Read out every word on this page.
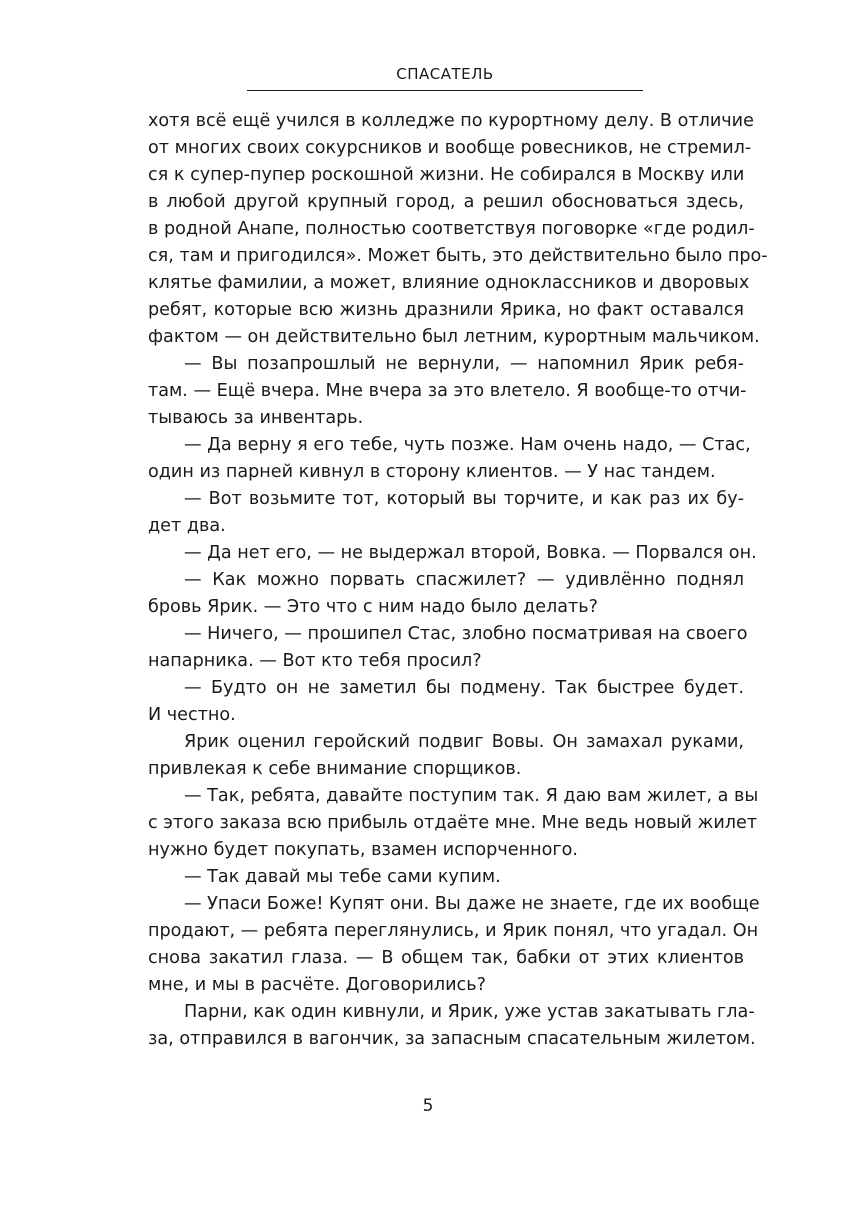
СПАСАТЕЛЬ
хотя всё ещё учился в колледже по курортному делу. В отличие
от многих своих сокурсников и вообще ровесников, не стремил-
ся к супер-пупер роскошной жизни. Не собирался в Москву или
в любой другой крупный город, а решил обосноваться здесь,
в родной Анапе, полностью соответствуя поговорке «где родил-
ся, там и пригодился». Может быть, это действительно было про-
клятье фамилии, а может, влияние одноклассников и дворовых
ребят, которые всю жизнь дразнили Ярика, но факт оставался
фактом — он действительно был летним, курортным мальчиком.
— Вы позапрошлый не вернули, — напомнил Ярик ребя-
там. — Ещё вчера. Мне вчера за это влетело. Я вообще-то отчи-
тываюсь за инвентарь.
— Да верну я его тебе, чуть позже. Нам очень надо, — Стас,
один из парней кивнул в сторону клиентов. — У нас тандем.
— Вот возьмите тот, который вы торчите, и как раз их бу-
дет два.
— Да нет его, — не выдержал второй, Вовка. — Порвался он.
— Как можно порвать спасжилет? — удивлённо поднял
бровь Ярик. — Это что с ним надо было делать?
— Ничего, — прошипел Стас, злобно посматривая на своего
напарника. — Вот кто тебя просил?
— Будто он не заметил бы подмену. Так быстрее будет.
И честно.
Ярик оценил геройский подвиг Вовы. Он замахал руками,
привлекая к себе внимание спорщиков.
— Так, ребята, давайте поступим так. Я даю вам жилет, а вы
с этого заказа всю прибыль отдаёте мне. Мне ведь новый жилет
нужно будет покупать, взамен испорченного.
— Так давай мы тебе сами купим.
— Упаси Боже! Купят они. Вы даже не знаете, где их вообще
продают, — ребята переглянулись, и Ярик понял, что угадал. Он
снова закатил глаза. — В общем так, бабки от этих клиентов
мне, и мы в расчёте. Договорились?
Парни, как один кивнули, и Ярик, уже устав закатывать гла-
за, отправился в вагончик, за запасным спасательным жилетом.
5
